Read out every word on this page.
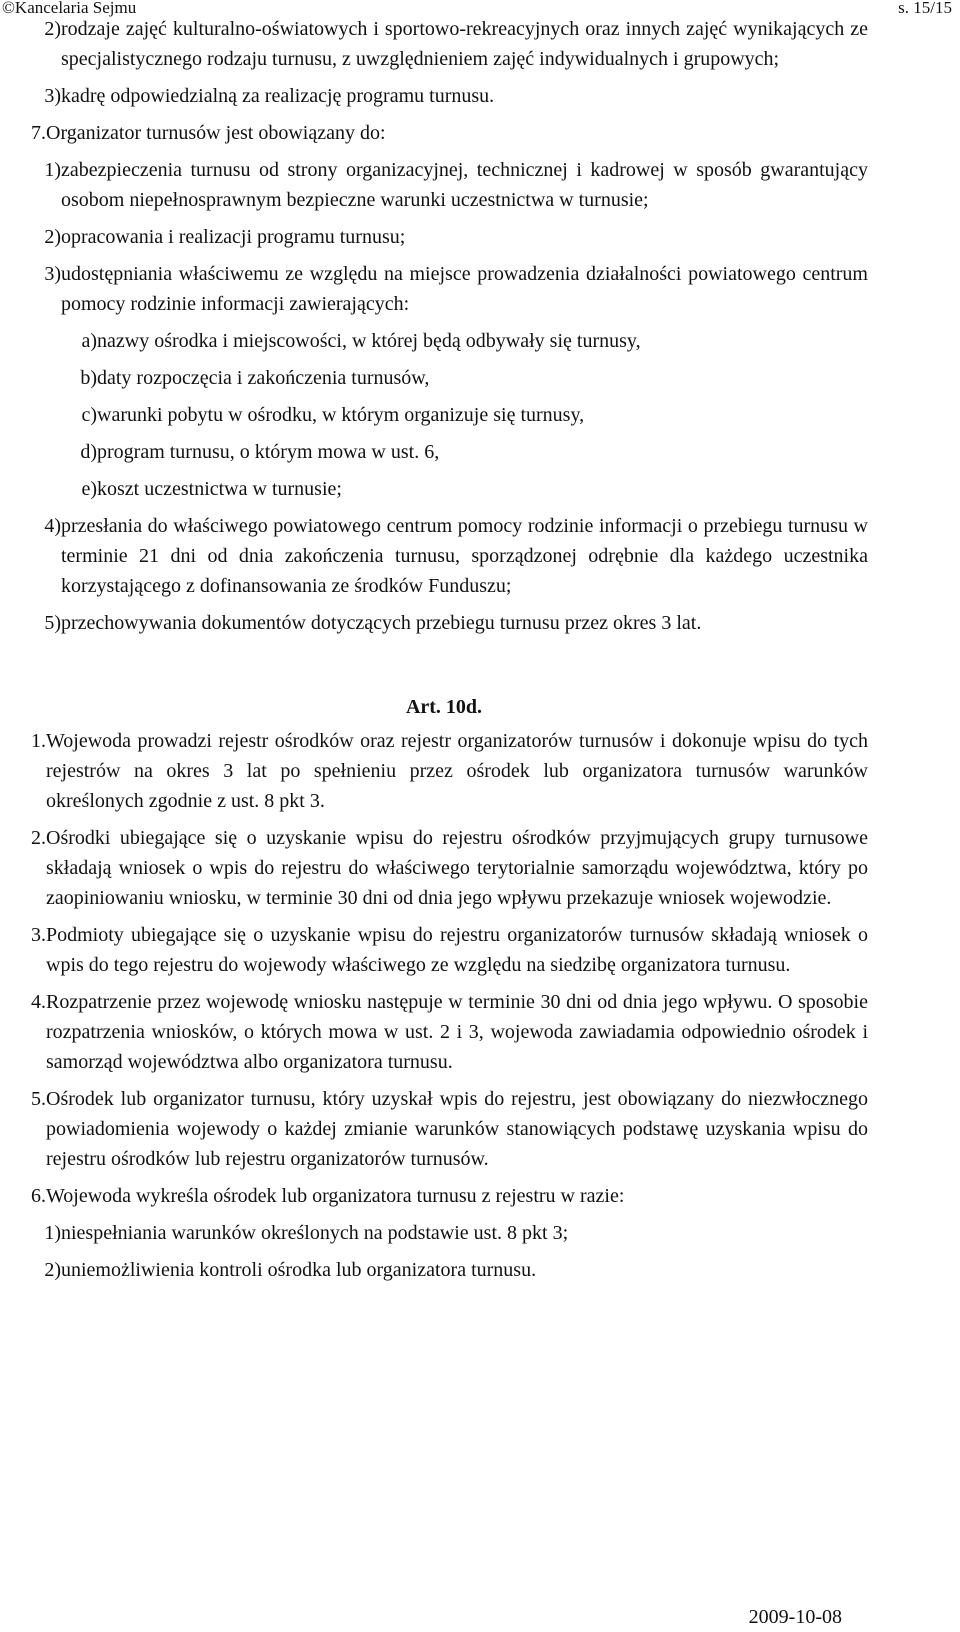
©Kancelaria Sejmu	s. 15/15
2) rodzaje zajęć kulturalno-oświatowych i sportowo-rekreacyjnych oraz innych zajęć wynikających ze specjalistycznego rodzaju turnusu, z uwzględnieniem zajęć indywidualnych i grupowych;
3) kadrę odpowiedzialną za realizację programu turnusu.
7. Organizator turnusów jest obowiązany do:
1) zabezpieczenia turnusu od strony organizacyjnej, technicznej i kadrowej w sposób gwarantujący osobom niepełnosprawnym bezpieczne warunki uczestnictwa w turnusie;
2) opracowania i realizacji programu turnusu;
3) udostępniania właściwemu ze względu na miejsce prowadzenia działalności powiatowego centrum pomocy rodzinie informacji zawierających:
a) nazwy ośrodka i miejscowości, w której będą odbywały się turnusy,
b) daty rozpoczęcia i zakończenia turnusów,
c) warunki pobytu w ośrodku, w którym organizuje się turnusy,
d) program turnusu, o którym mowa w ust. 6,
e) koszt uczestnictwa w turnusie;
4) przesłania do właściwego powiatowego centrum pomocy rodzinie informacji o przebiegu turnusu w terminie 21 dni od dnia zakończenia turnusu, sporządzonej odrębnie dla każdego uczestnika korzystającego z dofinansowania ze środków Funduszu;
5) przechowywania dokumentów dotyczących przebiegu turnusu przez okres 3 lat.
Art. 10d.
1. Wojewoda prowadzi rejestr ośrodków oraz rejestr organizatorów turnusów i dokonuje wpisu do tych rejestrów na okres 3 lat po spełnieniu przez ośrodek lub organizatora turnusów warunków określonych zgodnie z ust. 8 pkt 3.
2. Ośrodki ubiegające się o uzyskanie wpisu do rejestru ośrodków przyjmujących grupy turnusowe składają wniosek o wpis do rejestru do właściwego terytorialnie samorządu województwa, który po zaopiniowaniu wniosku, w terminie 30 dni od dnia jego wpływu przekazuje wniosek wojewodzie.
3. Podmioty ubiegające się o uzyskanie wpisu do rejestru organizatorów turnusów składają wniosek o wpis do tego rejestru do wojewody właściwego ze względu na siedzibę organizatora turnusu.
4. Rozpatrzenie przez wojewodę wniosku następuje w terminie 30 dni od dnia jego wpływu. O sposobie rozpatrzenia wniosków, o których mowa w ust. 2 i 3, wojewoda zawiadamia odpowiednio ośrodek i samorząd województwa albo organizatora turnusu.
5. Ośrodek lub organizator turnusu, który uzyskał wpis do rejestru, jest obowiązany do niezwłocznego powiadomienia wojewody o każdej zmianie warunków stanowiących podstawę uzyskania wpisu do rejestru ośrodków lub rejestru organizatorów turnusów.
6. Wojewoda wykreśla ośrodek lub organizatora turnusu z rejestru w razie:
1) niespełniania warunków określonych na podstawie ust. 8 pkt 3;
2) uniemożliwienia kontroli ośrodka lub organizatora turnusu.
2009-10-08
